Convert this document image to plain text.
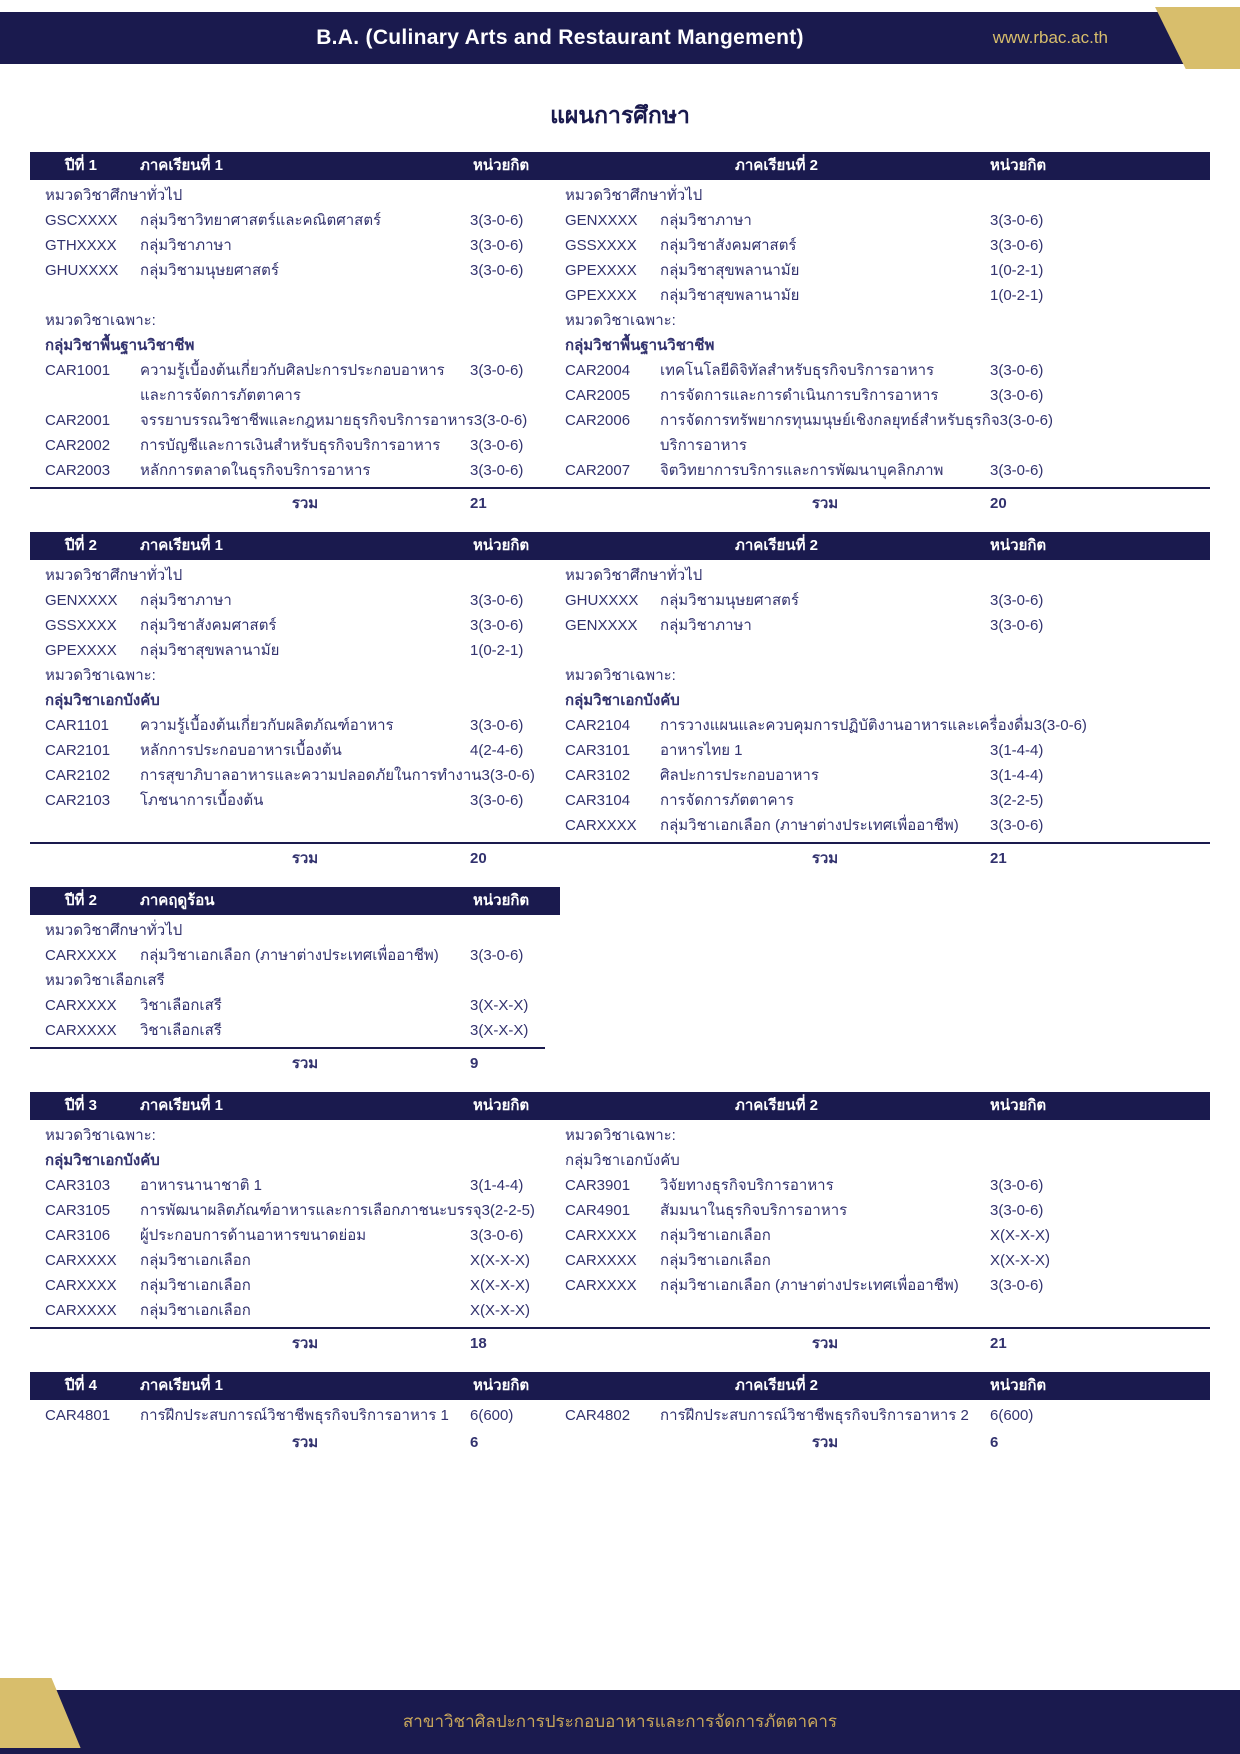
B.A. (Culinary Arts and Restaurant Mangement)	www.rbac.ac.th
แผนการศึกษา
ปีที่ 1	ภาคเรียนที่ 1	หน่วยกิต	ภาคเรียนที่ 2	หน่วยกิต
หมวดวิชาศึกษาทั่วไป
GSCXXXX	กลุ่มวิชาวิทยาศาสตร์และคณิตศาสตร์	3(3-0-6)
GTHXXXX	กลุ่มวิชาภาษา	3(3-0-6)
GHUXXXX	กลุ่มวิชามนุษยศาสตร์	3(3-0-6)
หมวดวิชาเฉพาะ:
กลุ่มวิชาพื้นฐานวิชาชีพ
CAR1001	ความรู้เบื้องต้นเกี่ยวกับศิลปะการประกอบอาหาร
และการจัดการภัตตาคาร
3(3-0-6)
CAR2001	จรรยาบรรณวิชาชีพและกฎหมายธุรกิจบริการอาหาร 3(3-0-6)
CAR2002	การบัญชีและการเงินสำหรับธุรกิจบริการอาหาร	3(3-0-6)
CAR2003	หลักการตลาดในธุรกิจบริการอาหาร	3(3-0-6)
หมวดวิชาศึกษาทั่วไป
GENXXXX	กลุ่มวิชาภาษา	3(3-0-6)
GSSXXXX	กลุ่มวิชาสังคมศาสตร์	3(3-0-6)
GPEXXXX	กลุ่มวิชาสุขพลานามัย	1(0-2-1)
GPEXXXX	กลุ่มวิชาสุขพลานามัย	1(0-2-1)
หมวดวิชาเฉพาะ:
กลุ่มวิชาพื้นฐานวิชาชีพ
CAR2004	เทคโนโลยีดิจิทัลสำหรับธุรกิจบริการอาหาร	3(3-0-6)
CAR2005	การจัดการและการดำเนินการบริการอาหาร	3(3-0-6)
CAR2006	การจัดการทรัพยากรทุนมนุษย์เชิงกลยุทธ์สำหรับธุรกิจ
บริการอาหาร
3(3-0-6)
CAR2007	จิตวิทยาการบริการและการพัฒนาบุคลิกภาพ	3(3-0-6)
รวม	21	รวม	20
ปีที่ 2	ภาคเรียนที่ 1	หน่วยกิต	ภาคเรียนที่ 2	หน่วยกิต
หมวดวิชาศึกษาทั่วไป
GENXXXX	กลุ่มวิชาภาษา	3(3-0-6)
GSSXXXX	กลุ่มวิชาสังคมศาสตร์	3(3-0-6)
GPEXXXX	กลุ่มวิชาสุขพลานามัย	1(0-2-1)
หมวดวิชาเฉพาะ:
กลุ่มวิชาเอกบังคับ
CAR1101	ความรู้เบื้องต้นเกี่ยวกับผลิตภัณฑ์อาหาร	3(3-0-6)
CAR2101	หลักการประกอบอาหารเบื้องต้น	4(2-4-6)
CAR2102	การสุขาภิบาลอาหารและความปลอดภัยในการทำงาน 3(3-0-6)
CAR2103	โภชนาการเบื้องต้น	3(3-0-6)
หมวดวิชาศึกษาทั่วไป
GHUXXXX	กลุ่มวิชามนุษยศาสตร์	3(3-0-6)
GENXXXX	กลุ่มวิชาภาษา	3(3-0-6)
หมวดวิชาเฉพาะ:
กลุ่มวิชาเอกบังคับ
CAR2104	การวางแผนและควบคุมการปฏิบัติงานอาหารและเครื่องดื่ม 3(3-0-6)
CAR3101	อาหารไทย 1	3(1-4-4)
CAR3102	ศิลปะการประกอบอาหาร	3(1-4-4)
CAR3104	การจัดการภัตตาคาร	3(2-2-5)
CARXXXX	กลุ่มวิชาเอกเลือก (ภาษาต่างประเทศเพื่ออาชีพ)	3(3-0-6)
รวม	20	รวม	21
ปีที่ 2	ภาคฤดูร้อน	หน่วยกิต
หมวดวิชาศึกษาทั่วไป
CARXXXX	กลุ่มวิชาเอกเลือก (ภาษาต่างประเทศเพื่ออาชีพ)	3(3-0-6)
หมวดวิชาเลือกเสรี
CARXXXX	วิชาเลือกเสรี	3(X-X-X)
CARXXXX	วิชาเลือกเสรี	3(X-X-X)
รวม	9
ปีที่ 3	ภาคเรียนที่ 1	หน่วยกิต	ภาคเรียนที่ 2	หน่วยกิต
หมวดวิชาเฉพาะ:
กลุ่มวิชาเอกบังคับ
CAR3103	อาหารนานาชาติ 1	3(1-4-4)
CAR3105	การพัฒนาผลิตภัณฑ์อาหารและการเลือกภาชนะบรรจุ 3(2-2-5)
CAR3106	ผู้ประกอบการด้านอาหารขนาดย่อม	3(3-0-6)
CARXXXX	กลุ่มวิชาเอกเลือก	X(X-X-X)
CARXXXX	กลุ่มวิชาเอกเลือก	X(X-X-X)
CARXXXX	กลุ่มวิชาเอกเลือก	X(X-X-X)
หมวดวิชาเฉพาะ:
กลุ่มวิชาเอกบังคับ
CAR3901	วิจัยทางธุรกิจบริการอาหาร	3(3-0-6)
CAR4901	สัมมนาในธุรกิจบริการอาหาร	3(3-0-6)
CARXXXX	กลุ่มวิชาเอกเลือก	X(X-X-X)
CARXXXX	กลุ่มวิชาเอกเลือก	X(X-X-X)
CARXXXX	กลุ่มวิชาเอกเลือก (ภาษาต่างประเทศเพื่ออาชีพ)	3(3-0-6)
รวม	18	รวม	21
ปีที่ 4	ภาคเรียนที่ 1	หน่วยกิต	ภาคเรียนที่ 2	หน่วยกิต
CAR4801	การฝึกประสบการณ์วิชาชีพธุรกิจบริการอาหาร 1	6(600)	CAR4802	การฝึกประสบการณ์วิชาชีพธุรกิจบริการอาหาร 2	6(600)
รวม	6	รวม	6
สาขาวิชาศิลปะการประกอบอาหารและการจัดการภัตตาคาร
